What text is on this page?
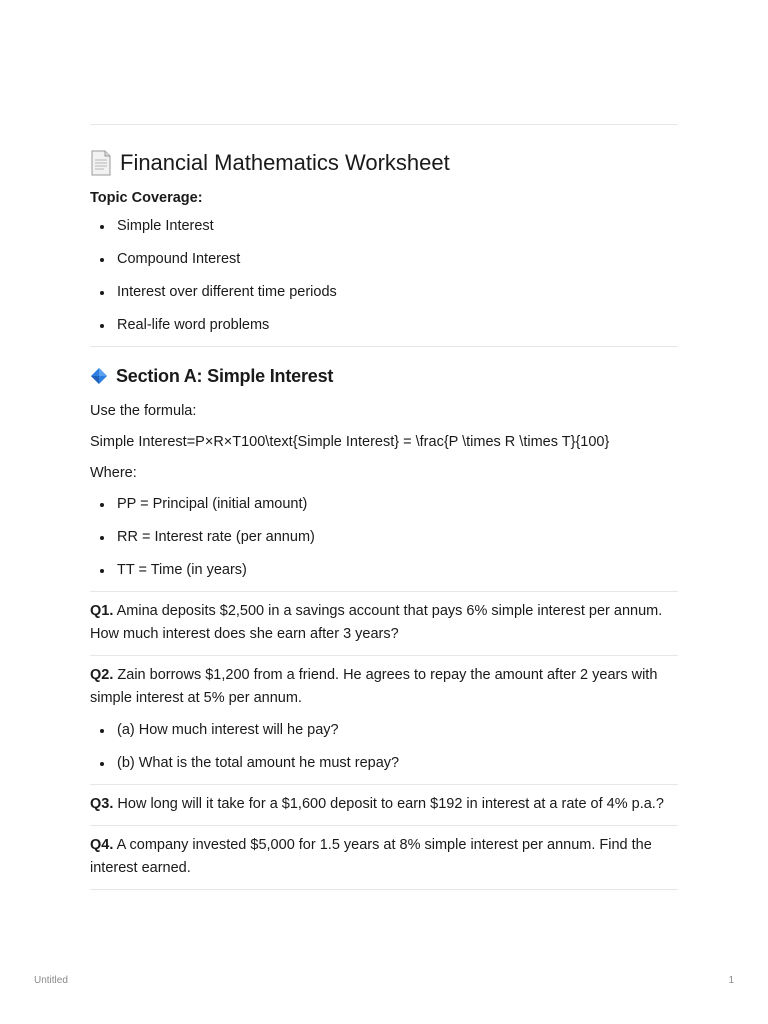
Financial Mathematics Worksheet

Topic Coverage:

Simple Interest
Compound Interest
Interest over different time periods
Real-life word problems
Section A: Simple Interest

Use the formula:

Simple Interest=P×R×T100\text{Simple Interest} = \frac{P \times R \times T}{100}

Where:

PP = Principal (initial amount)
RR = Interest rate (per annum)
TT = Time (in years)

Q1. Amina deposits $2,500 in a savings account that pays 6% simple interest per annum. How much interest does she earn after 3 years?

Q2. Zain borrows $1,200 from a friend. He agrees to repay the amount after 2 years with simple interest at 5% per annum.

(a) How much interest will he pay?
(b) What is the total amount he must repay?

Q3. How long will it take for a $1,600 deposit to earn $192 in interest at a rate of 4% p.a.?

Q4. A company invested $5,000 for 1.5 years at 8% simple interest per annum. Find the interest earned.

Untitled	1
